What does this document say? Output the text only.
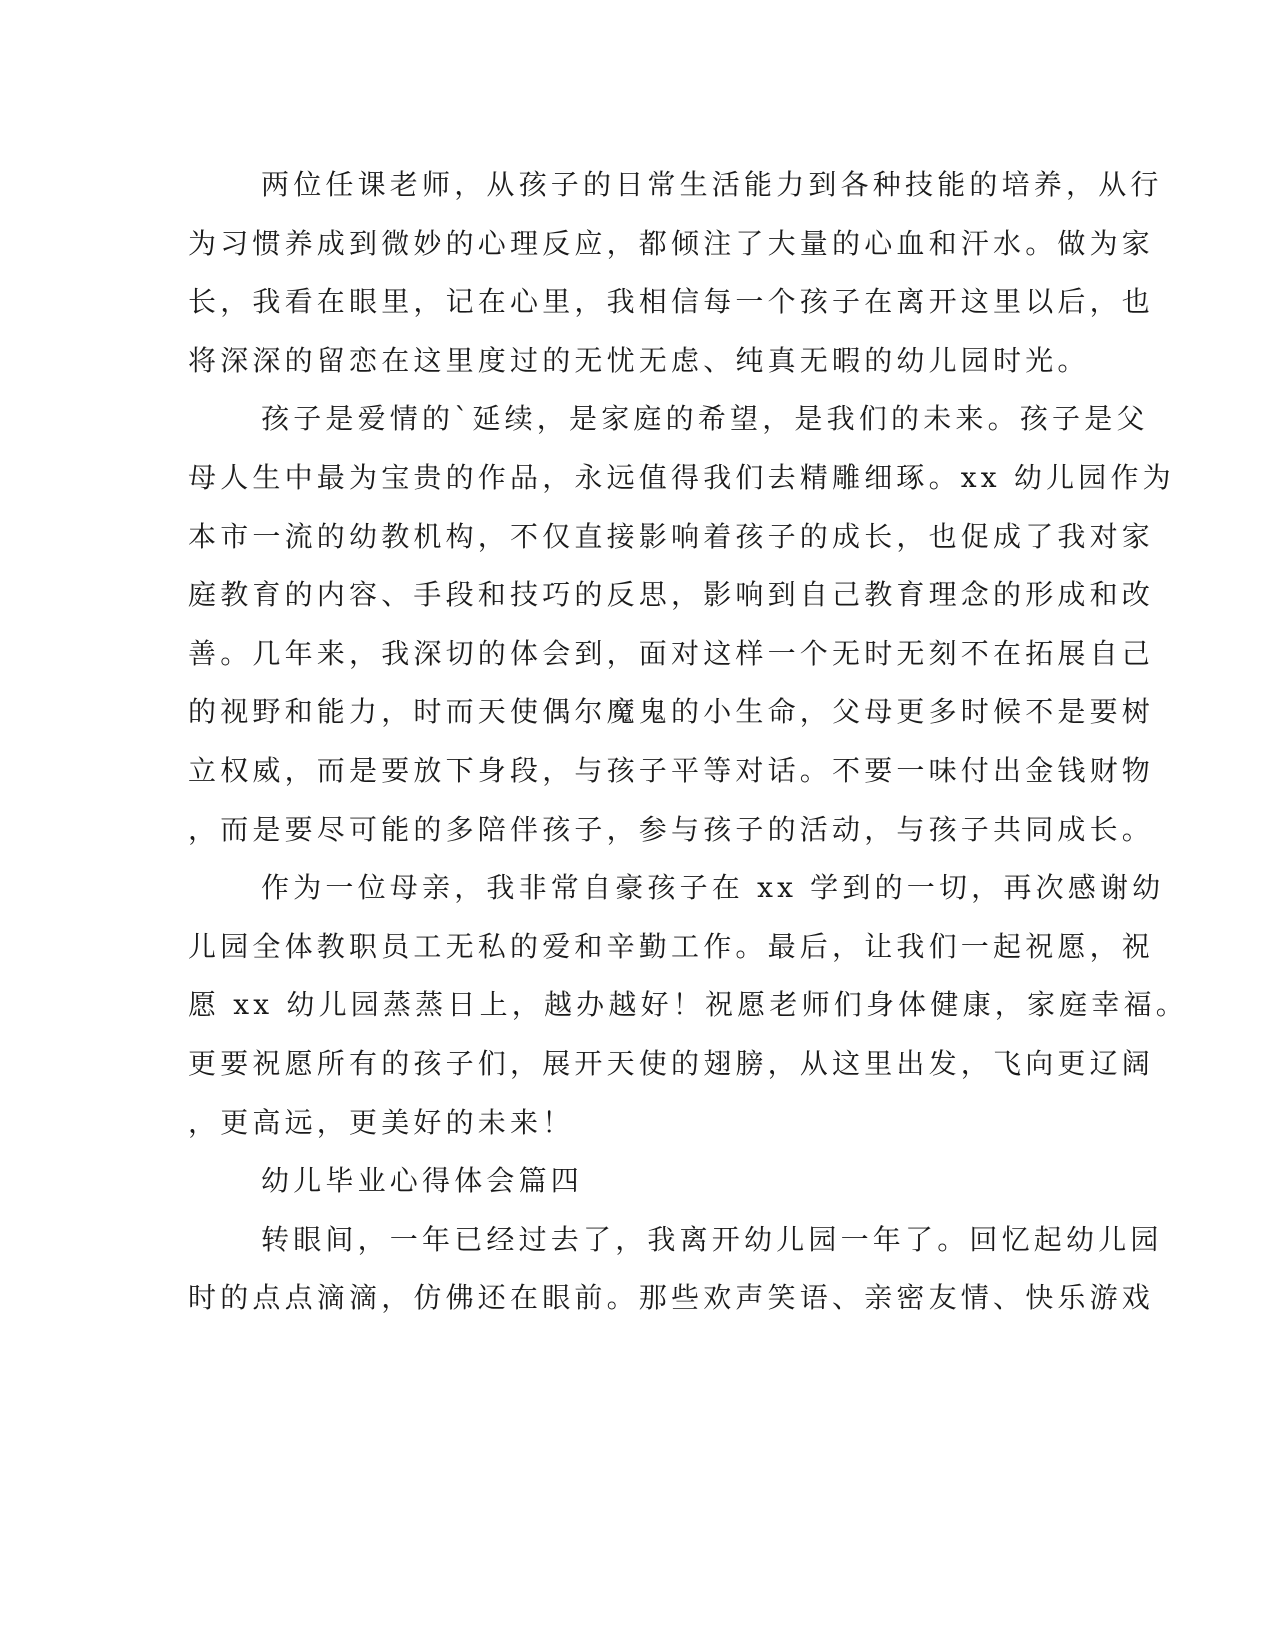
两位任课老师，从孩子的日常生活能力到各种技能的培养，从行
为习惯养成到微妙的心理反应，都倾注了大量的心血和汗水。做为家
长，我看在眼里，记在心里，我相信每一个孩子在离开这里以后，也
将深深的留恋在这里度过的无忧无虑、纯真无暇的幼儿园时光。
孩子是爱情的`延续，是家庭的希望，是我们的未来。孩子是父
母人生中最为宝贵的作品，永远值得我们去精雕细琢。xx 幼儿园作为
本市一流的幼教机构，不仅直接影响着孩子的成长，也促成了我对家
庭教育的内容、手段和技巧的反思，影响到自己教育理念的形成和改
善。几年来，我深切的体会到，面对这样一个无时无刻不在拓展自己
的视野和能力，时而天使偶尔魔鬼的小生命，父母更多时候不是要树
立权威，而是要放下身段，与孩子平等对话。不要一味付出金钱财物
，而是要尽可能的多陪伴孩子，参与孩子的活动，与孩子共同成长。
作为一位母亲，我非常自豪孩子在 xx 学到的一切，再次感谢幼
儿园全体教职员工无私的爱和辛勤工作。最后，让我们一起祝愿，祝
愿 xx 幼儿园蒸蒸日上，越办越好！祝愿老师们身体健康，家庭幸福。
更要祝愿所有的孩子们，展开天使的翅膀，从这里出发，飞向更辽阔
，更高远，更美好的未来！
幼儿毕业心得体会篇四
转眼间，一年已经过去了，我离开幼儿园一年了。回忆起幼儿园
时的点点滴滴，仿佛还在眼前。那些欢声笑语、亲密友情、快乐游戏
